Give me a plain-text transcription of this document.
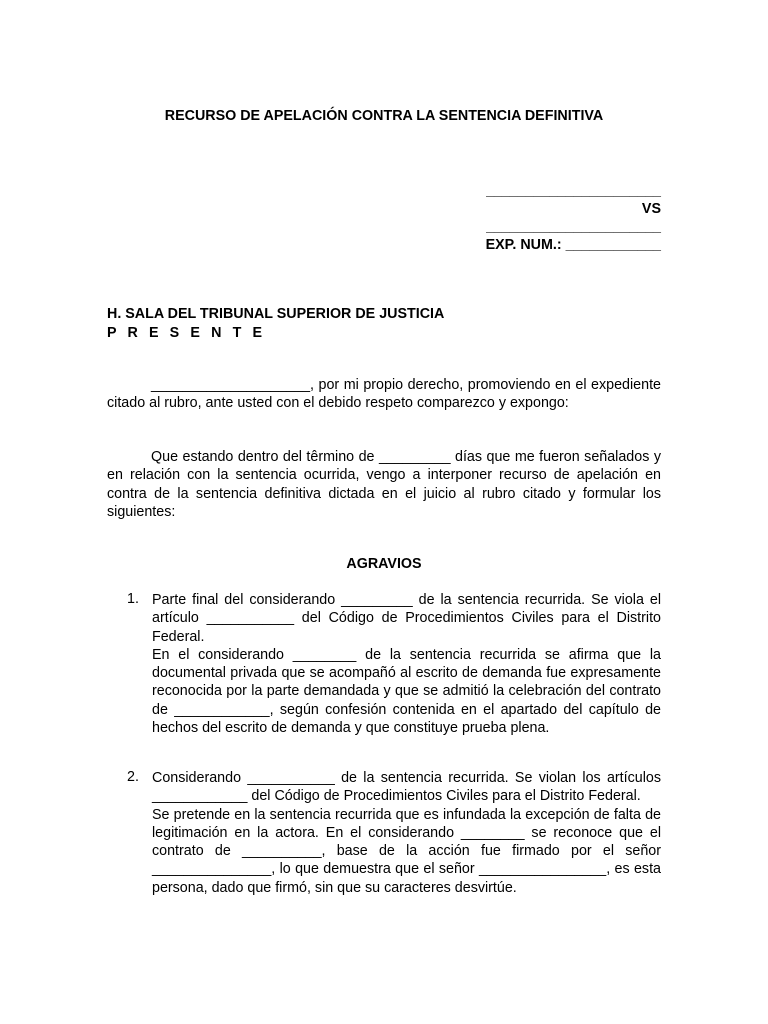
RECURSO DE APELACIÓN CONTRA LA SENTENCIA DEFINITIVA
______________________
VS
______________________
EXP. NUM.: ____________
H. SALA DEL TRIBUNAL SUPERIOR DE JUSTICIA
P R E S E N T E

____________________, por mi propio derecho, promoviendo en el expediente citado al rubro, ante usted con el debido respeto comparezco y expongo:

Que estando dentro del têrmino de _________ días que me fueron señalados y en relación con la sentencia ocurrida, vengo a interponer recurso de apelación en contra de la sentencia definitiva dictada en el juicio al rubro citado y formular los siguientes:

AGRAVIOS
1. Parte final del considerando _________ de la sentencia recurrida. Se viola el artículo ___________ del Código de Procedimientos Civiles para el Distrito Federal.

En el considerando ________ de la sentencia recurrida se afirma que la documental privada que se acompañó al escrito de demanda fue expresamente reconocida por la parte demandada y que se admitió la celebración del contrato de ____________, según confesión contenida en el apartado del capítulo de hechos del escrito de demanda y que constituye prueba plena.

2. Considerando ___________ de la sentencia recurrida. Se violan los artículos ____________ del Código de Procedimientos Civiles para el Distrito Federal.

Se pretende en la sentencia recurrida que es infundada la excepción de falta de legitimación en la actora. En el considerando ________ se reconoce que el contrato de __________, base de la acción fue firmado por el señor _______________, lo que demuestra que el señor ________________, es esta persona, dado que firmó, sin que su caracteres desvirtúe.
